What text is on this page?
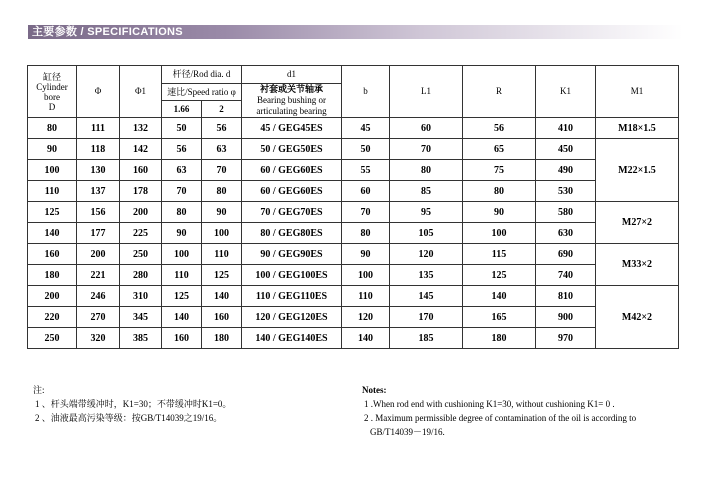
主要参数 / SPECIFICATIONS
缸径
Cylinder
bore
D	Φ	Φ1	杆径/Rod dia. d		d1	b	L1	R	K1	M1
			速比/Speed ratio φ		衬套或关节轴承
Bearing bushing or
articulating bearing					

			1.66	2						
80	111	132	50	56	45 / GEG45ES	45	60	56	410	M18×1.5
90	118	142	56	63	50 / GEG50ES	50	70	65	450	M22×1.5
100	130	160	63	70	60 / GEG60ES	55	80	75	490	
110	137	178	70	80	60 / GEG60ES	60	85	80	530	
125	156	200	80	90	70 / GEG70ES	70	95	90	580	M27×2
140	177	225	90	100	80 / GEG80ES	80	105	100	630	
160	200	250	100	110	90 / GEG90ES	90	120	115	690	M33×2
180	221	280	110	125	100 / GEG100ES	100	135	125	740	
200	246	310	125	140	110 / GEG110ES	110	145	140	810	M42×2
220	270	345	140	160	120 / GEG120ES	120	170	165	900	
250	320	385	160	180	140 / GEG140ES	140	185	180	970	
注:
1 、杆头端带缓冲时，K1=30；不带缓冲时K1=0。
2 、油液最高污染等级：按GB/T14039之19/16。
Notes:
1 .When rod end with cushioning K1=30, without cushioning K1= 0 .
2 . Maximum permissible degree of contamination of the oil is according to
GB/T14039－19/16.
